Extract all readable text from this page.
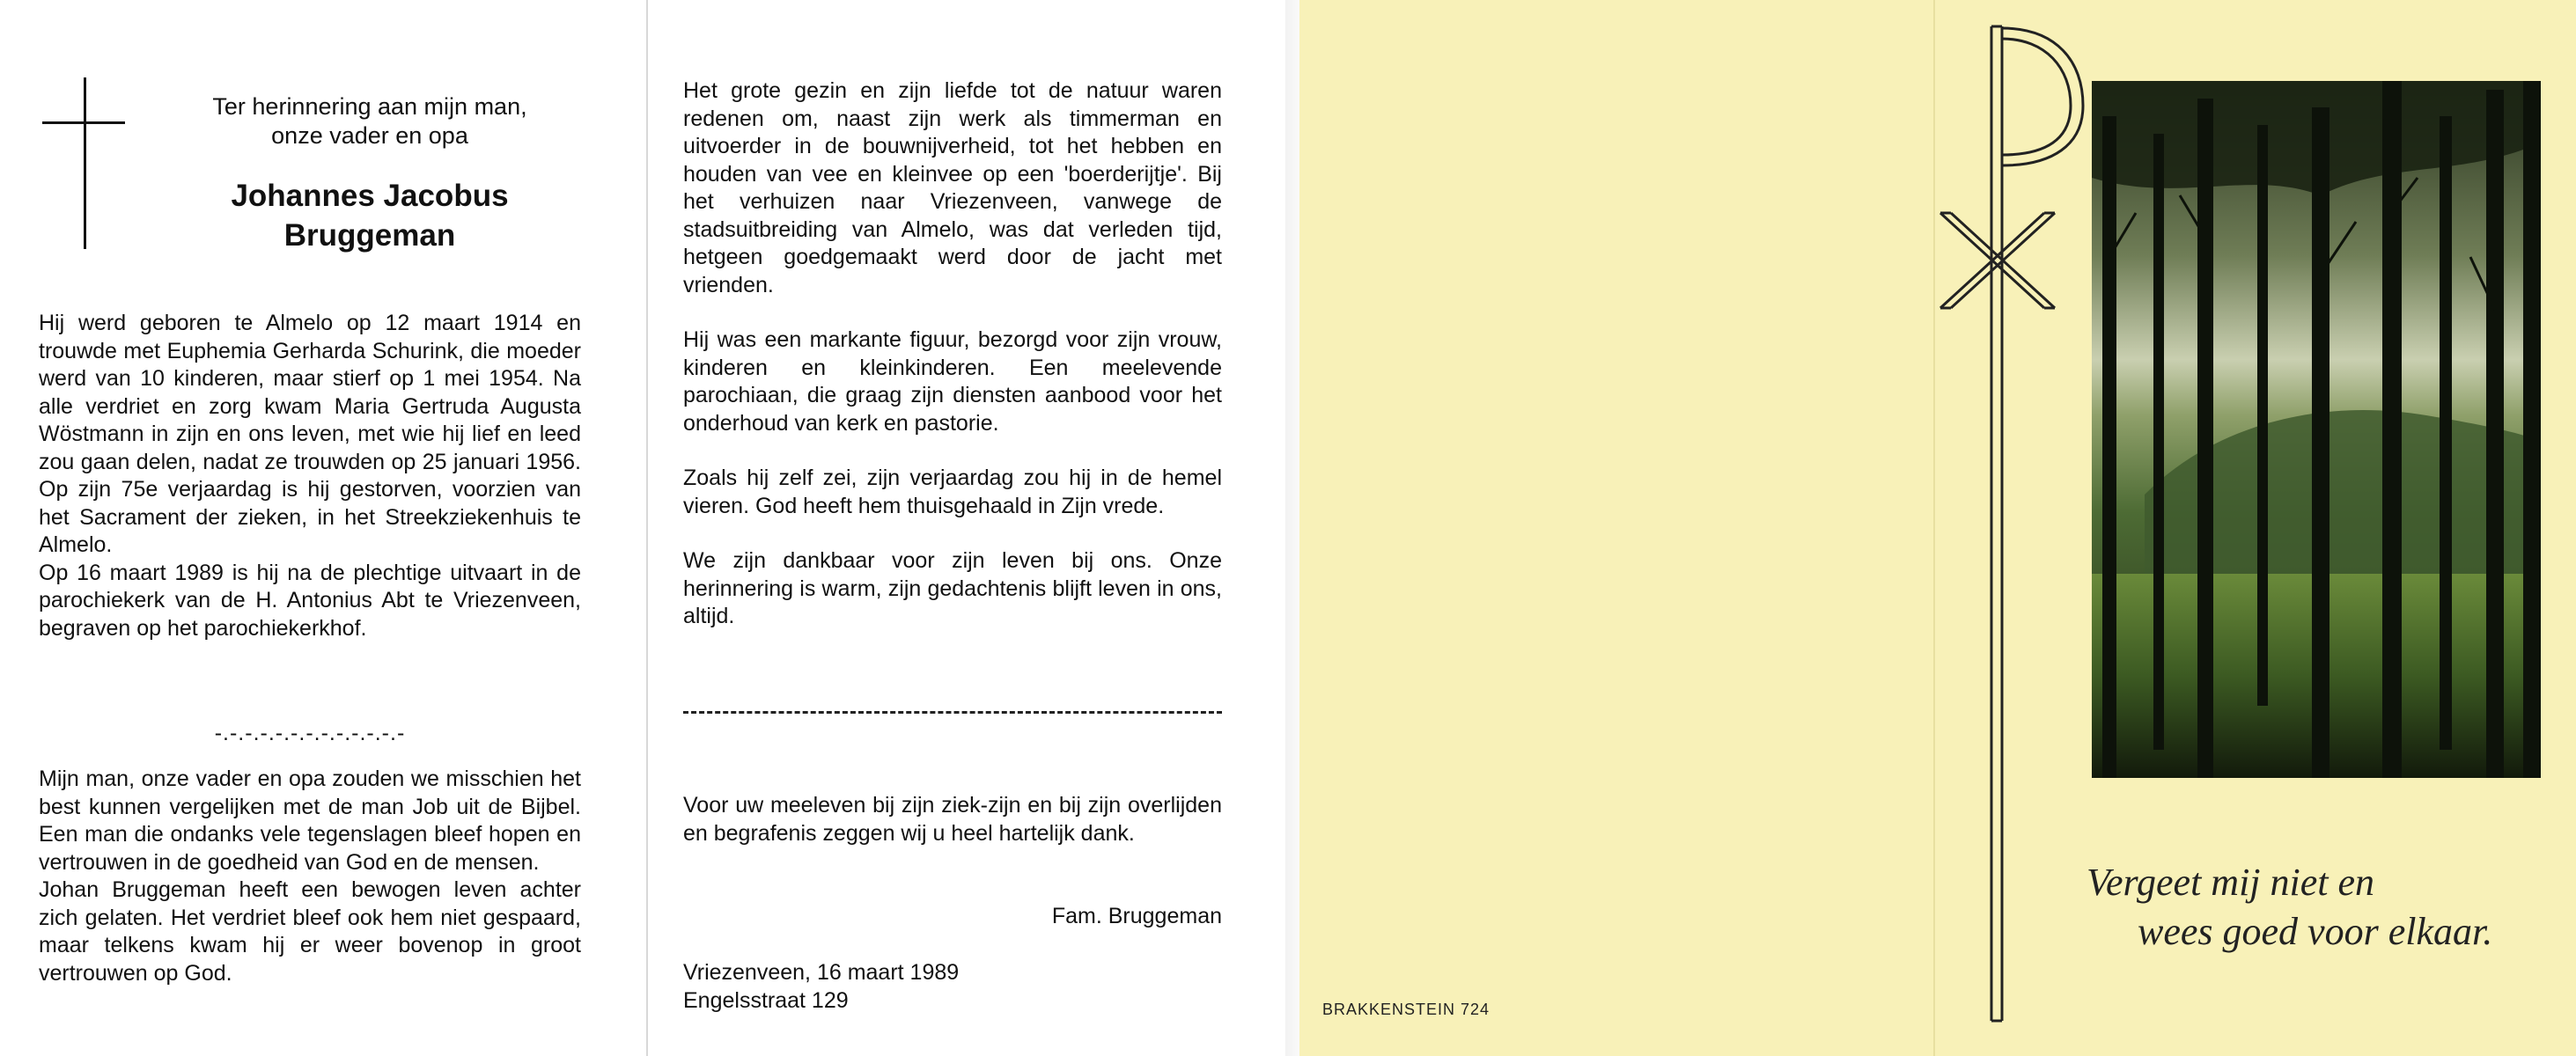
Ter herinnering aan mijn man,
onze vader en opa
Johannes Jacobus
Bruggeman

Hij werd geboren te Almelo op 12 maart 1914 en trouwde met Euphemia Gerharda Schurink, die moeder werd van 10 kinderen, maar stierf op 1 mei 1954. Na alle verdriet en zorg kwam Maria Gertruda Augusta Wöstmann in zijn en ons leven, met wie hij lief en leed zou gaan delen, nadat ze trouwden op 25 januari 1956. Op zijn 75e verjaardag is hij gestorven, voorzien van het Sacrament der zieken, in het Streekziekenhuis te Almelo.

Op 16 maart 1989 is hij na de plechtige uitvaart in de parochiekerk van de H. Antonius Abt te Vriezenveen, begraven op het parochiekerkhof.

-.-.-.-.-.-.-.-.-.-.-.-.-

Mijn man, onze vader en opa zouden we misschien het best kunnen vergelijken met de man Job uit de Bijbel. Een man die ondanks vele tegenslagen bleef hopen en vertrouwen in de goedheid van God en de mensen.

Johan Bruggeman heeft een bewogen leven achter zich gelaten. Het verdriet bleef ook hem niet gespaard, maar telkens kwam hij er weer bovenop in groot vertrouwen op God.

Het grote gezin en zijn liefde tot de natuur waren redenen om, naast zijn werk als timmerman en uitvoerder in de bouwnijverheid, tot het hebben en houden van vee en kleinvee op een 'boerderijtje'. Bij het verhuizen naar Vriezenveen, vanwege de stadsuitbreiding van Almelo, was dat verleden tijd, hetgeen goedgemaakt werd door de jacht met vrienden.

Hij was een markante figuur, bezorgd voor zijn vrouw, kinderen en kleinkinderen. Een meelevende parochiaan, die graag zijn diensten aanbood voor het onderhoud van kerk en pastorie.

Zoals hij zelf zei, zijn verjaardag zou hij in de hemel vieren. God heeft hem thuisgehaald in Zijn vrede.

We zijn dankbaar voor zijn leven bij ons. Onze herinnering is warm, zijn gedachtenis blijft leven in ons, altijd.

Voor uw meeleven bij zijn ziek-zijn en bij zijn overlijden en begrafenis zeggen wij u heel hartelijk dank.
Fam. Bruggeman
Vriezenveen, 16 maart 1989
Engelsstraat 129	BRAKKENSTEIN 724
Vergeet mij niet en
wees goed voor elkaar.
